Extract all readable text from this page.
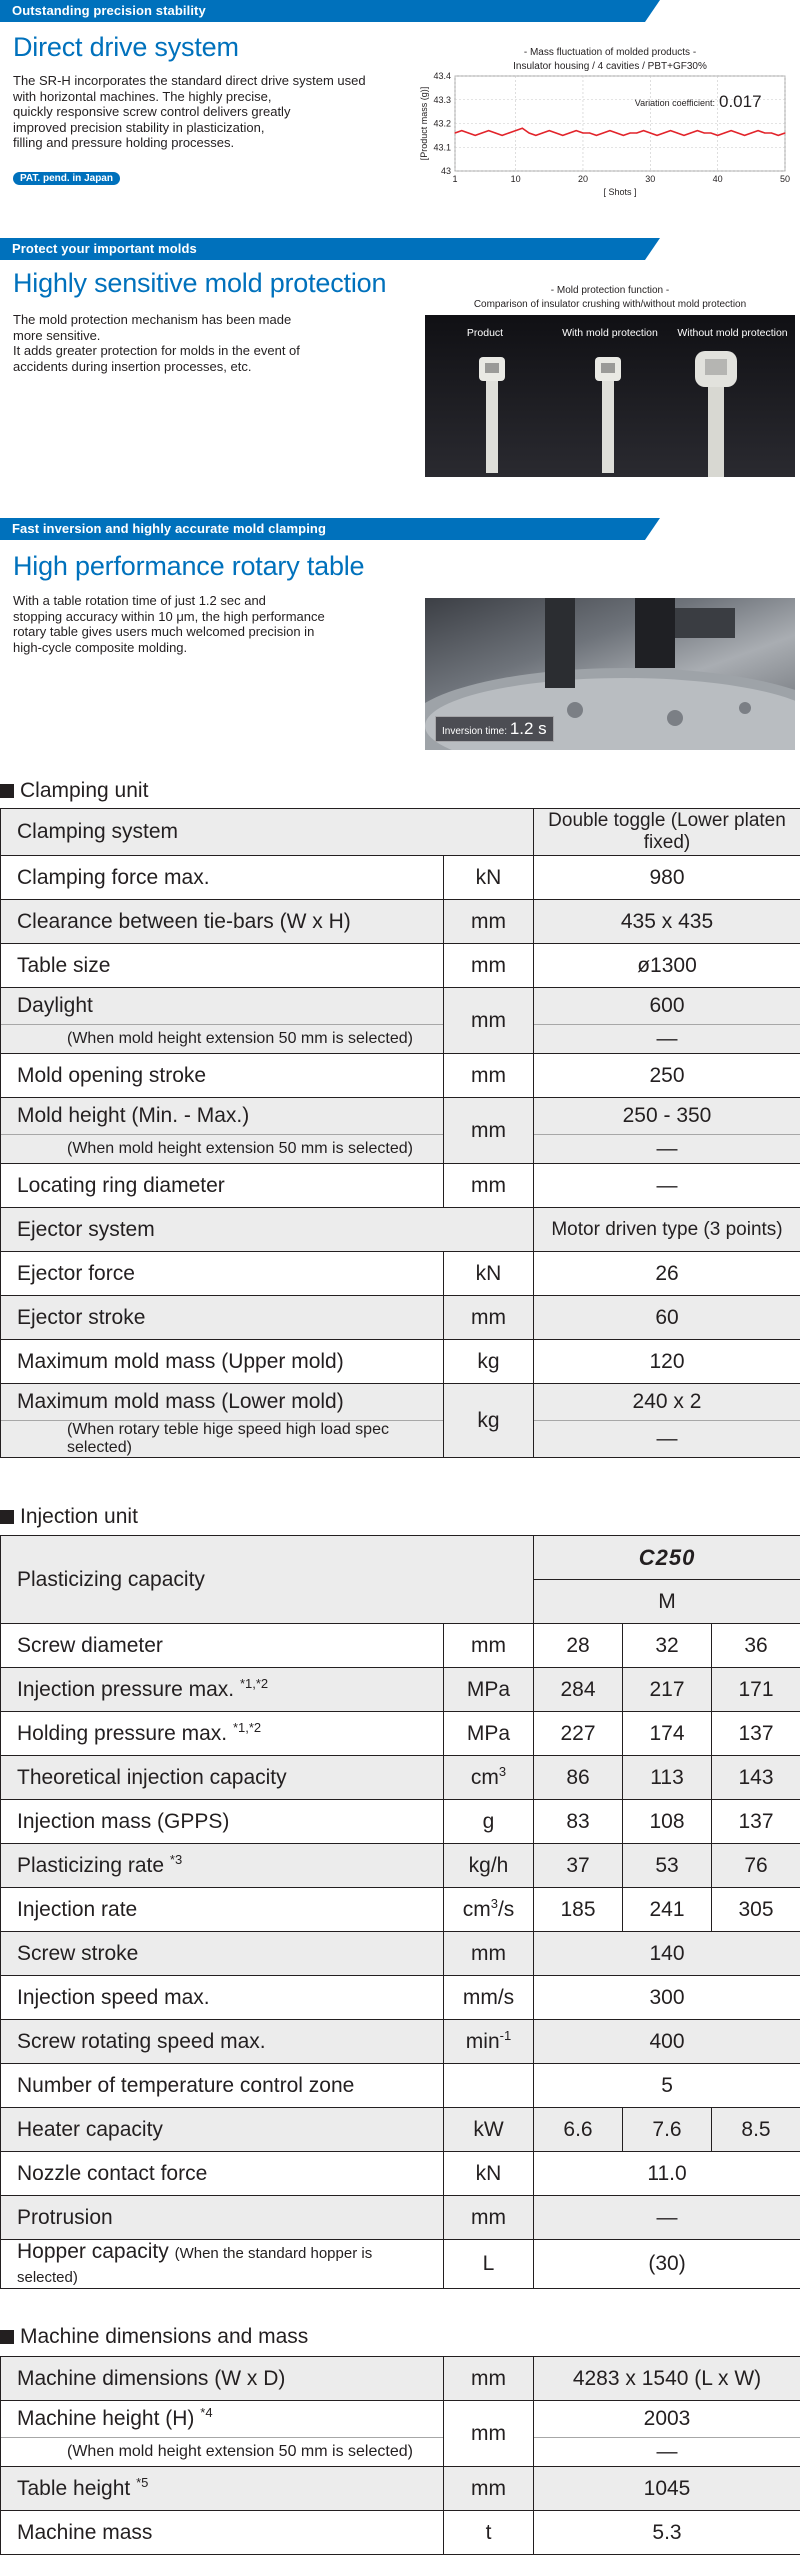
Outstanding precision stability
Direct drive system
The SR-H incorporates the standard direct drive system used
with horizontal machines. The highly precise,
quickly responsive screw control delivers greatly
improved precision stability in plasticization,
filling and pressure holding processes.
PAT. pend. in Japan
- Mass fluctuation of molded products -
Insulator housing / 4 cavities / PBT+GF30%
43
43.1
43.2
43.3
43.4
1	10	20	30	40	50
[ Shots ]
[Product mass (g)]	Variation coefficient: 0.017
Protect your important molds
Highly sensitive mold protection
The mold protection mechanism has been made
more sensitive.
It adds greater protection for molds in the event of
accidents during insertion processes, etc.
- Mold protection function -
Comparison of insulator crushing with/without mold protection
Product	With mold protection	Without mold protection
Fast inversion and highly accurate mold clamping
High performance rotary table
With a table rotation time of just 1.2 sec and
stopping accuracy within 10 μm, the high performance
rotary table gives users much welcomed precision in
high-cycle composite molding.
Inversion time: 1.2 s
Clamping unit
Clamping system		Double toggle (Lower platen fixed)
Clamping force max.	kN	980
Clearance between tie-bars (W x H)	mm	435 x 435
Table size	mm	ø1300
Daylight	mm	600
(When mold height extension 50 mm is selected)		—
Mold opening stroke	mm	250
Mold height (Min. - Max.)	mm	250 - 350
(When mold height extension 50 mm is selected)		—
Locating ring diameter	mm	—
Ejector system		Motor driven type (3 points)
Ejector force	kN	26
Ejector stroke	mm	60
Maximum mold mass (Upper mold)	kg	120
Maximum mold mass (Lower mold)	kg	240 x 2
(When rotary teble hige speed high load spec selected)		—
Injection unit
Plasticizing capacity		C250		
		M		
Screw diameter	mm	28	32	36
Injection pressure max. $^{*1,*2}$	MPa	284	217	171
Holding pressure max. $^{*1,*2}$	MPa	227	174	137
Theoretical injection capacity	$cm^3$	86	113	143
Injection mass (GPPS)	g	83	108	137
Plasticizing rate $^{*3}$	kg/h	37	53	76
Injection rate	$cm^3/s$	185	241	305
Screw stroke	mm	140		
Injection speed max.	mm/s	300		
Screw rotating speed max.	$\min^{-1}$	400		
Number of temperature control zone		5		
Heater capacity	kW	6.6	7.6	8.5
Nozzle contact force	kN	11.0		
Protrusion	mm	—		
Hopper capacity (When the standard hopper is selected)	L	(30)		
Machine dimensions and mass
Machine dimensions (W x D)	mm	4283 x 1540 (L x W)
Machine height (H) $^{*4}$	mm	2003
(When mold height extension 50 mm is selected)		—
Table height $^{*5}$	mm	1045
Machine mass	t	5.3
